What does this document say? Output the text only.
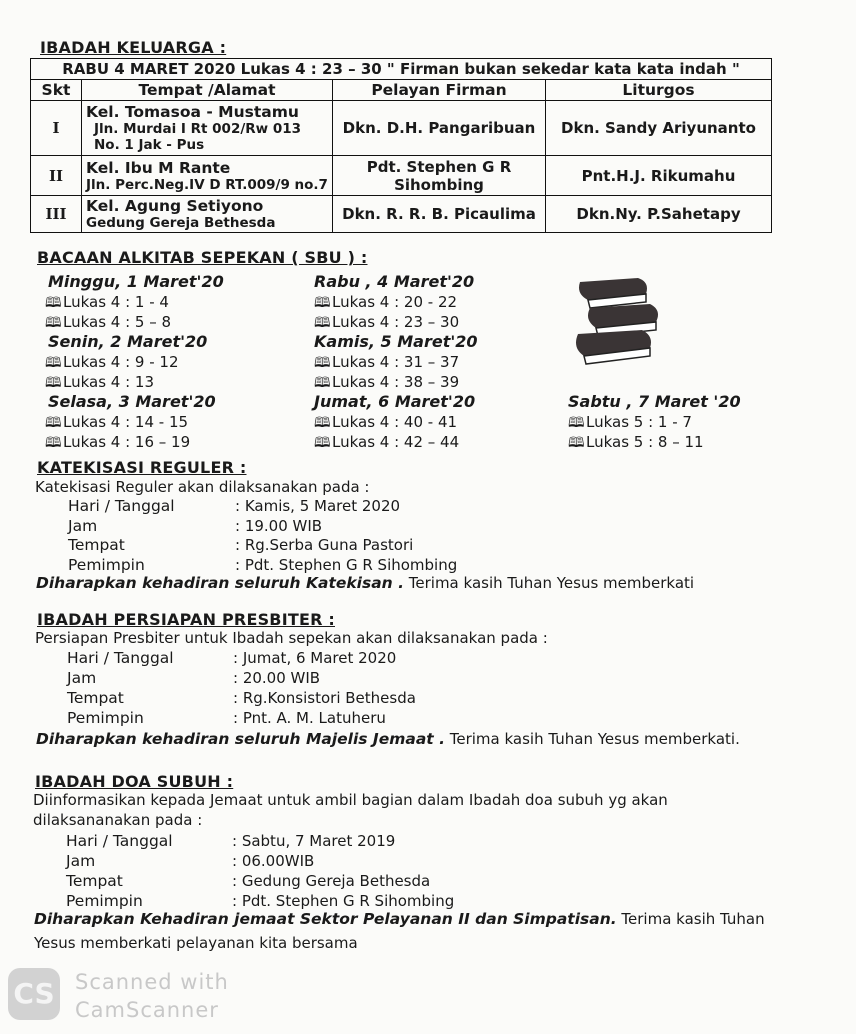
IBADAH KELUARGA :
RABU 4 MARET 2020 Lukas 4 : 23 – 30 " Firman bukan sekedar kata kata indah "			
Skt	Tempat /Alamat	Pelayan Firman	Liturgos
I	Kel. Tomasoa - Mustamu
Jln. Murdai I Rt 002/Rw 013
No. 1 Jak - Pus	Dkn. D.H. Pangaribuan	Dkn. Sandy Ariyunanto
II	Kel. Ibu M Rante
Jln. Perc.Neg.IV D RT.009/9 no.7	Pdt. Stephen G R
Sihombing	Pnt.H.J. Rikumahu
III	Kel. Agung Setiyono
Gedung Gereja Bethesda	Dkn. R. R. B. Picaulima	Dkn.Ny. P.Sahetapy
BACAAN ALKITAB SEPEKAN ( SBU ) :
Minggu, 1 Maret'20
🕮Lukas 4 : 1 - 4
🕮Lukas 4 : 5 – 8
Senin, 2 Maret'20
🕮Lukas 4 : 9 - 12
🕮Lukas 4 : 13
Selasa, 3 Maret'20
🕮Lukas 4 : 14 - 15
🕮Lukas 4 : 16 – 19
Rabu , 4 Maret'20
🕮Lukas 4 : 20 - 22
🕮Lukas 4 : 23 – 30
Kamis, 5 Maret'20
🕮Lukas 4 : 31 – 37
🕮Lukas 4 : 38 – 39
Jumat, 6 Maret'20
🕮Lukas 4 : 40 - 41
🕮Lukas 4 : 42 – 44
Sabtu , 7 Maret '20
🕮Lukas 5 : 1 - 7
🕮Lukas 5 : 8 – 11
KATEKISASI REGULER :
Katekisasi Reguler akan dilaksanakan pada :
Hari / Tanggal	: Kamis, 5 Maret 2020
Jam	: 19.00 WIB
Tempat	: Rg.Serba Guna Pastori
Pemimpin	: Pdt. Stephen G R Sihombing
Diharapkan kehadiran seluruh Katekisan . Terima kasih Tuhan Yesus memberkati
IBADAH PERSIAPAN PRESBITER :
Persiapan Presbiter untuk Ibadah sepekan akan dilaksanakan pada :
Hari / Tanggal	: Jumat, 6 Maret 2020
Jam	: 20.00 WIB
Tempat	: Rg.Konsistori Bethesda
Pemimpin	: Pnt. A. M. Latuheru
Diharapkan kehadiran seluruh Majelis Jemaat . Terima kasih Tuhan Yesus memberkati.
IBADAH DOA SUBUH :
Diinformasikan kepada Jemaat untuk ambil bagian dalam Ibadah doa subuh yg akan
dilaksananakan pada :
Hari / Tanggal	: Sabtu, 7 Maret 2019
Jam	: 06.00WIB
Tempat	: Gedung Gereja Bethesda
Pemimpin	: Pdt. Stephen G R Sihombing
Diharapkan Kehadiran jemaat Sektor Pelayanan II dan Simpatisan. Terima kasih Tuhan
Yesus memberkati pelayanan kita bersama
CS Scanned with
CamScanner
